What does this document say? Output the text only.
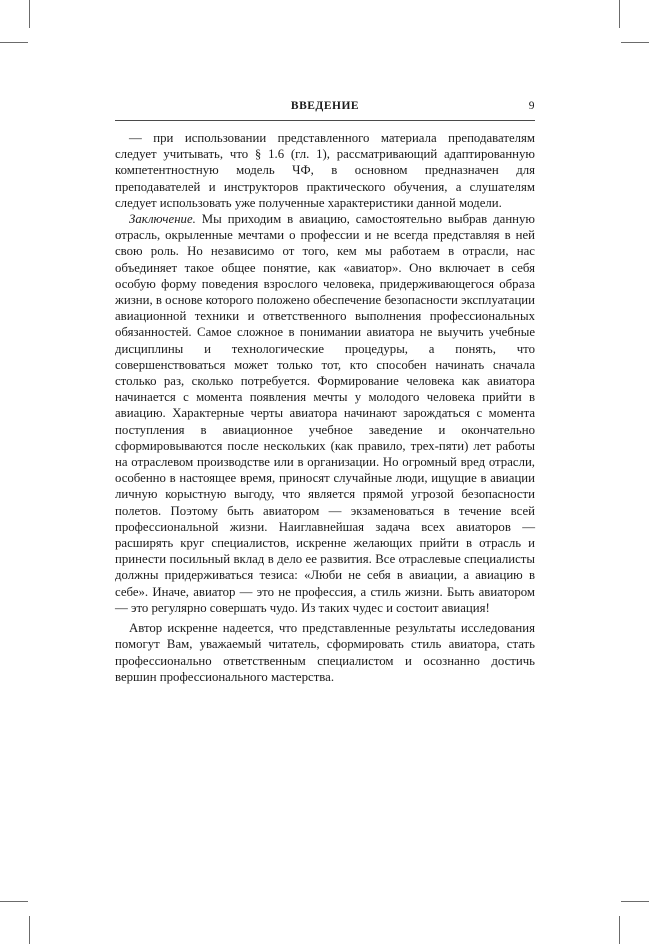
ВВЕДЕНИЕ	9

— при использовании представленного материала преподавателям следует учитывать, что § 1.6 (гл. 1), рассматривающий адаптированную компетентностную модель ЧФ, в основном предназначен для преподавателей и инструкторов практического обучения, а слушателям следует использовать уже полученные характеристики данной модели.

Заключение. Мы приходим в авиацию, самостоятельно выбрав данную отрасль, окрыленные мечтами о профессии и не всегда представляя в ней свою роль. Но независимо от того, кем мы работаем в отрасли, нас объединяет такое общее понятие, как «авиатор». Оно включает в себя особую форму поведения взрослого человека, придерживающегося образа жизни, в основе которого положено обеспечение безопасности эксплуатации авиационной техники и ответственного выполнения профессиональных обязанностей. Самое сложное в понимании авиатора не выучить учебные дисциплины и технологические процедуры, а понять, что совершенствоваться может только тот, кто способен начинать сначала столько раз, сколько потребуется. Формирование человека как авиатора начинается с момента появления мечты у молодого человека прийти в авиацию. Характерные черты авиатора начинают зарождаться с момента поступления в авиационное учебное заведение и окончательно сформировываются после нескольких (как правило, трех-пяти) лет работы на отраслевом производстве или в организации. Но огромный вред отрасли, особенно в настоящее время, приносят случайные люди, ищущие в авиации личную корыстную выгоду, что является прямой угрозой безопасности полетов. Поэтому быть авиатором — экзаменоваться в течение всей профессиональной жизни. Наиглавнейшая задача всех авиаторов — расширять круг специалистов, искренне желающих прийти в отрасль и принести посильный вклад в дело ее развития. Все отраслевые специалисты должны придерживаться тезиса: «Люби не себя в авиации, а авиацию в себе». Иначе, авиатор — это не профессия, а стиль жизни. Быть авиатором — это регулярно совершать чудо. Из таких чудес и состоит авиация!

Автор искренне надеется, что представленные результаты исследования помогут Вам, уважаемый читатель, сформировать стиль авиатора, стать профессионально ответственным специалистом и осознанно достичь вершин профессионального мастерства.
